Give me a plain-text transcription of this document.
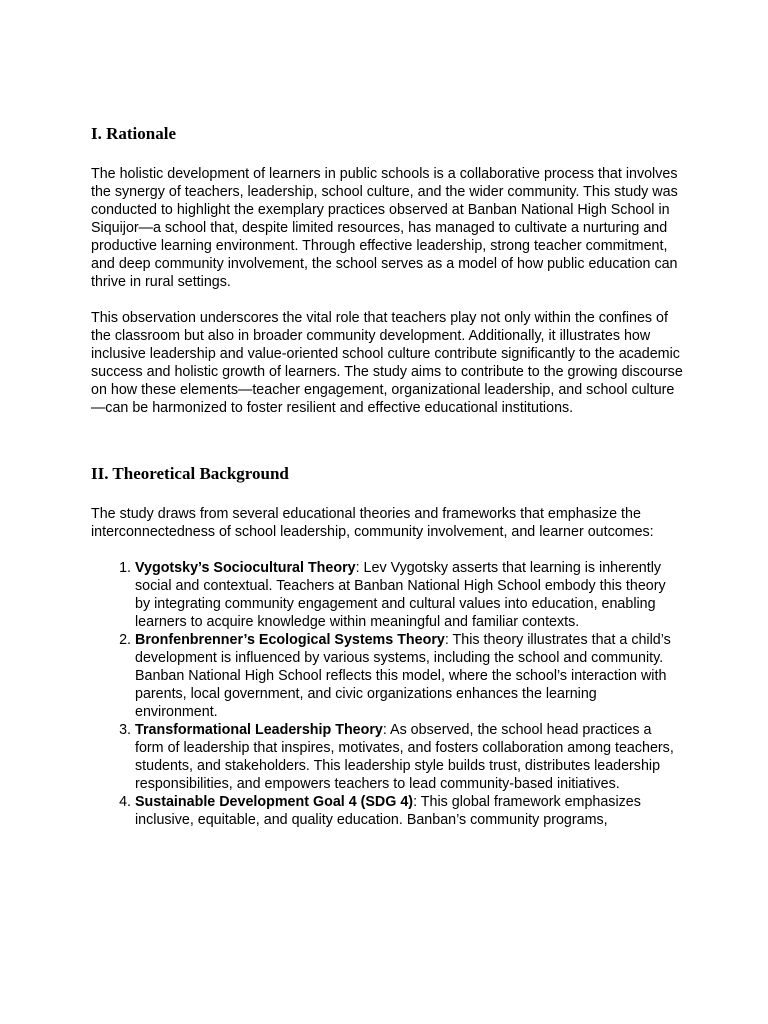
I. Rationale

The holistic development of learners in public schools is a collaborative process that involves the synergy of teachers, leadership, school culture, and the wider community. This study was conducted to highlight the exemplary practices observed at Banban National High School in Siquijor—a school that, despite limited resources, has managed to cultivate a nurturing and productive learning environment. Through effective leadership, strong teacher commitment, and deep community involvement, the school serves as a model of how public education can thrive in rural settings.

This observation underscores the vital role that teachers play not only within the confines of the classroom but also in broader community development. Additionally, it illustrates how inclusive leadership and value-oriented school culture contribute significantly to the academic success and holistic growth of learners. The study aims to contribute to the growing discourse on how these elements—teacher engagement, organizational leadership, and school culture—can be harmonized to foster resilient and effective educational institutions.

II. Theoretical Background

The study draws from several educational theories and frameworks that emphasize the interconnectedness of school leadership, community involvement, and learner outcomes:

1. Vygotsky’s Sociocultural Theory: Lev Vygotsky asserts that learning is inherently social and contextual. Teachers at Banban National High School embody this theory by integrating community engagement and cultural values into education, enabling learners to acquire knowledge within meaningful and familiar contexts.
2. Bronfenbrenner’s Ecological Systems Theory: This theory illustrates that a child’s development is influenced by various systems, including the school and community. Banban National High School reflects this model, where the school’s interaction with parents, local government, and civic organizations enhances the learning environment.
3. Transformational Leadership Theory: As observed, the school head practices a form of leadership that inspires, motivates, and fosters collaboration among teachers, students, and stakeholders. This leadership style builds trust, distributes leadership responsibilities, and empowers teachers to lead community-based initiatives.
4. Sustainable Development Goal 4 (SDG 4): This global framework emphasizes inclusive, equitable, and quality education. Banban’s community programs,
